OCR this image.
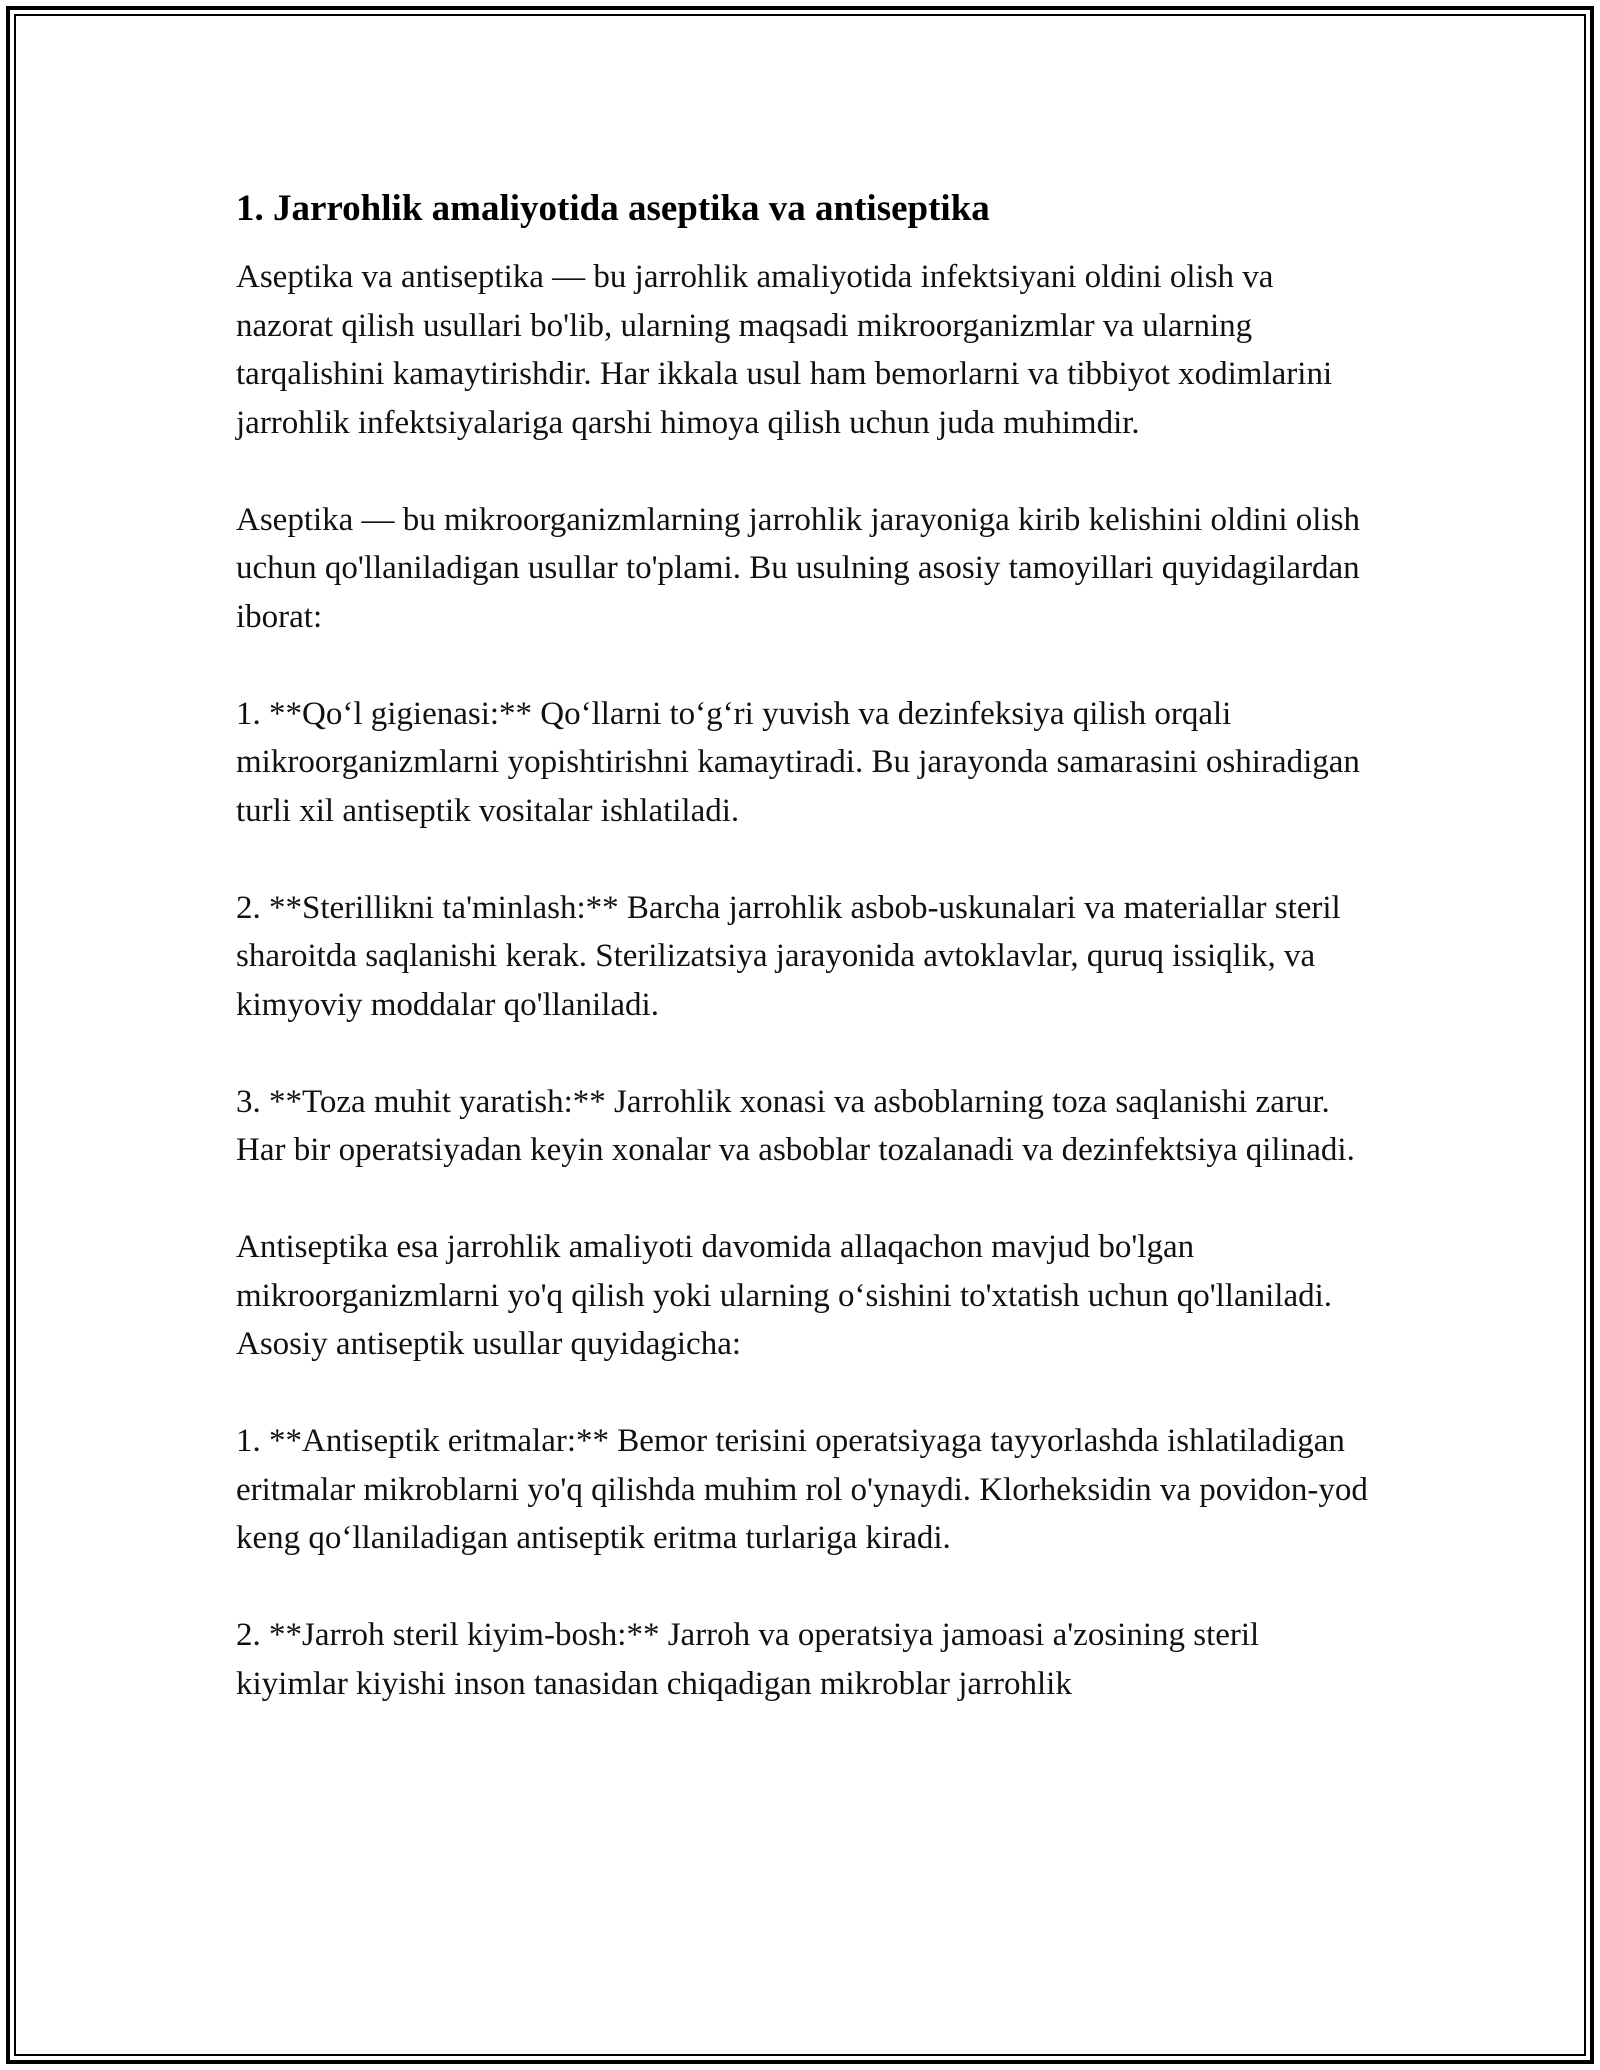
1. Jarrohlik amaliyotida aseptika va antiseptika

Aseptika va antiseptika — bu jarrohlik amaliyotida infektsiyani oldini olish va nazorat qilish usullari bo'lib, ularning maqsadi mikroorganizmlar va ularning tarqalishini kamaytirishdir. Har ikkala usul ham bemorlarni va tibbiyot xodimlarini jarrohlik infektsiyalariga qarshi himoya qilish uchun juda muhimdir.

Aseptika — bu mikroorganizmlarning jarrohlik jarayoniga kirib kelishini oldini olish uchun qo'llaniladigan usullar to'plami. Bu usulning asosiy tamoyillari quyidagilardan iborat:

1. **Qoʻl gigienasi:** Qoʻllarni toʻgʻri yuvish va dezinfeksiya qilish orqali mikroorganizmlarni yopishtirishni kamaytiradi. Bu jarayonda samarasini oshiradigan turli xil antiseptik vositalar ishlatiladi.

2. **Sterillikni ta'minlash:** Barcha jarrohlik asbob-uskunalari va materiallar steril sharoitda saqlanishi kerak. Sterilizatsiya jarayonida avtoklavlar, quruq issiqlik, va kimyoviy moddalar qo'llaniladi.

3. **Toza muhit yaratish:** Jarrohlik xonasi va asboblarning toza saqlanishi zarur. Har bir operatsiyadan keyin xonalar va asboblar tozalanadi va dezinfektsiya qilinadi.

Antiseptika esa jarrohlik amaliyoti davomida allaqachon mavjud bo'lgan mikroorganizmlarni yo'q qilish yoki ularning oʻsishini to'xtatish uchun qo'llaniladi. Asosiy antiseptik usullar quyidagicha:

1. **Antiseptik eritmalar:** Bemor terisini operatsiyaga tayyorlashda ishlatiladigan eritmalar mikroblarni yo'q qilishda muhim rol o'ynaydi. Klorheksidin va povidon-yod keng qoʻllaniladigan antiseptik eritma turlariga kiradi.

2. **Jarroh steril kiyim-bosh:** Jarroh va operatsiya jamoasi a'zosining steril kiyimlar kiyishi inson tanasidan chiqadigan mikroblar jarrohlik
